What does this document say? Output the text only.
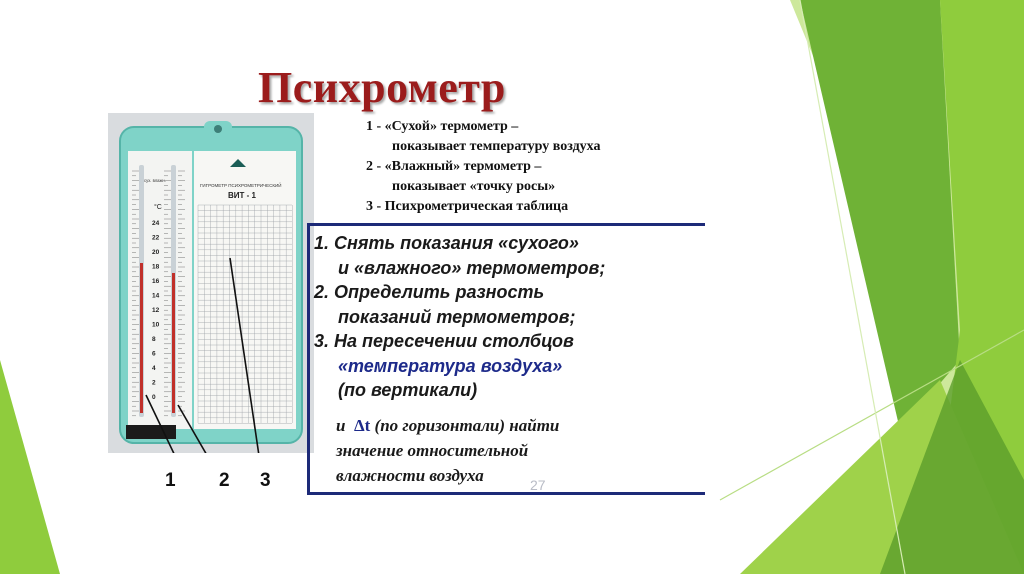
Психрометр
1 - «Сухой» термометр –
показывает температуру воздуха
2 - «Влажный» термометр –
показывает «точку росы»
3 - Психрометрическая таблица
°C
сух. влажн.
24
22
20
18
16
14
12
10
8
6
4
2
0
ГИГРОМЕТР ПСИХРОМЕТРИЧЕСКИЙ
ВИТ - 1
1 2 3
1. Снять показания «сухого»
и «влажного» термометров;
2. Определить разность
показаний термометров;
3. На пересечении столбцов
«температура воздуха»
(по вертикали)
и Δt (по горизонтали) найти
значение относительной
влажности воздуха	27
